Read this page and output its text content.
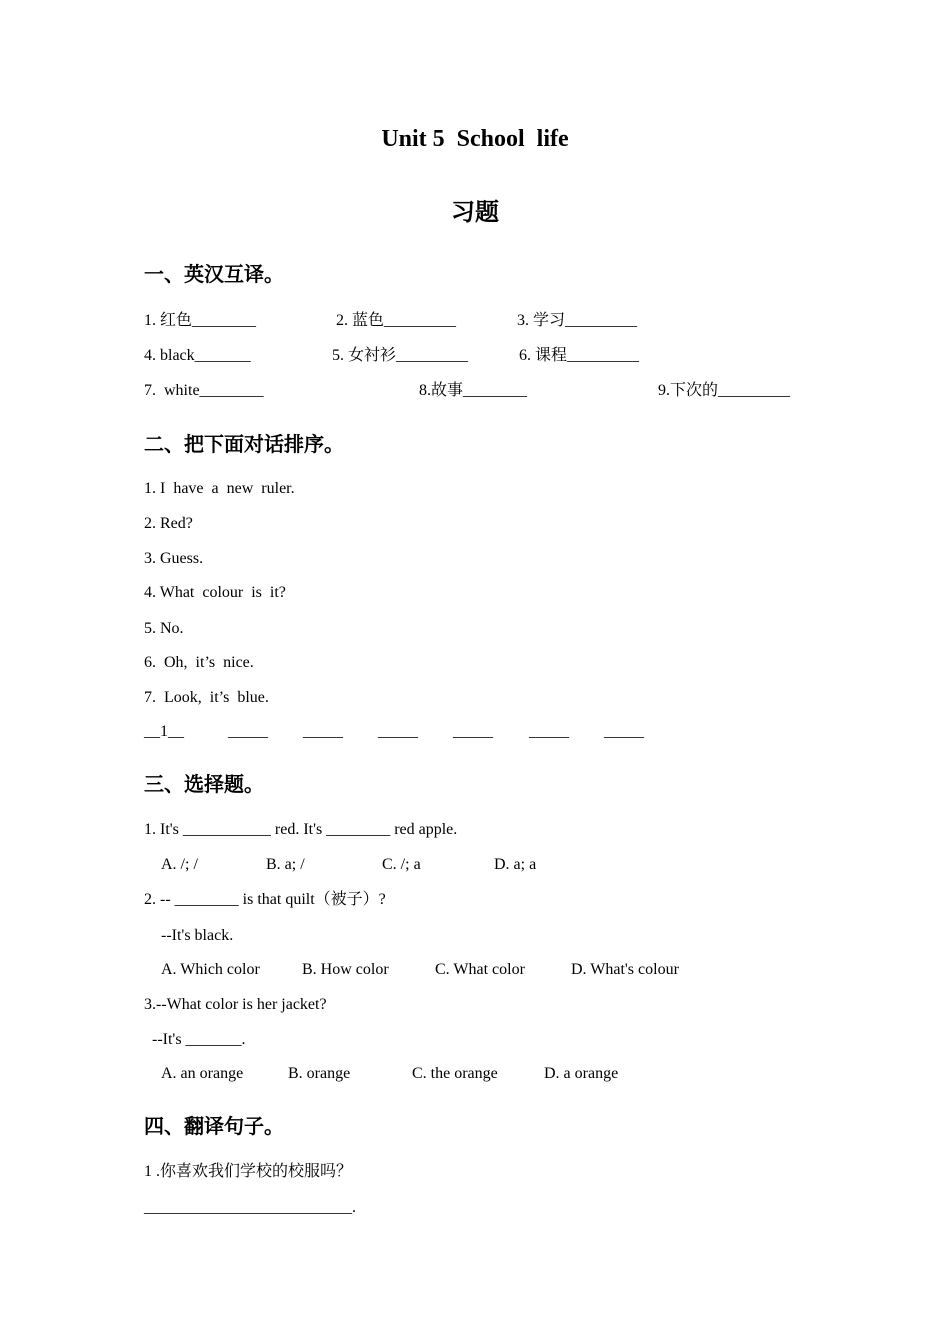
Unit 5  School  life
习题
一、英汉互译。
1. 红色________	2. 蓝色_________	3. 学习_________
4. black_______	5. 女衬衫_________	6. 课程_________
7.  white________	8.故事________	9.下次的_________
二、把下面对话排序。
1. I  have  a  new  ruler.
2. Red?
3. Guess.
4. What  colour  is  it?
5. No.
6.  Oh,  it’s  nice.
7.  Look,  it’s  blue.
__1__	_____ _____ _____ _____ _____ _____
三、选择题。
1. It's ___________ red. It's ________ red apple.
A. /; /	B. a; /	C. /; a	D. a; a
2. -- ________ is that quilt（被子）?
--It's black.
A. Which color	B. How color	C. What color	D. What's colour
3.--What color is her jacket?
--It's _______.
A. an orange	B. orange	C. the orange	D. a orange
四、翻译句子。
1 .你喜欢我们学校的校服吗？
__________________________.
